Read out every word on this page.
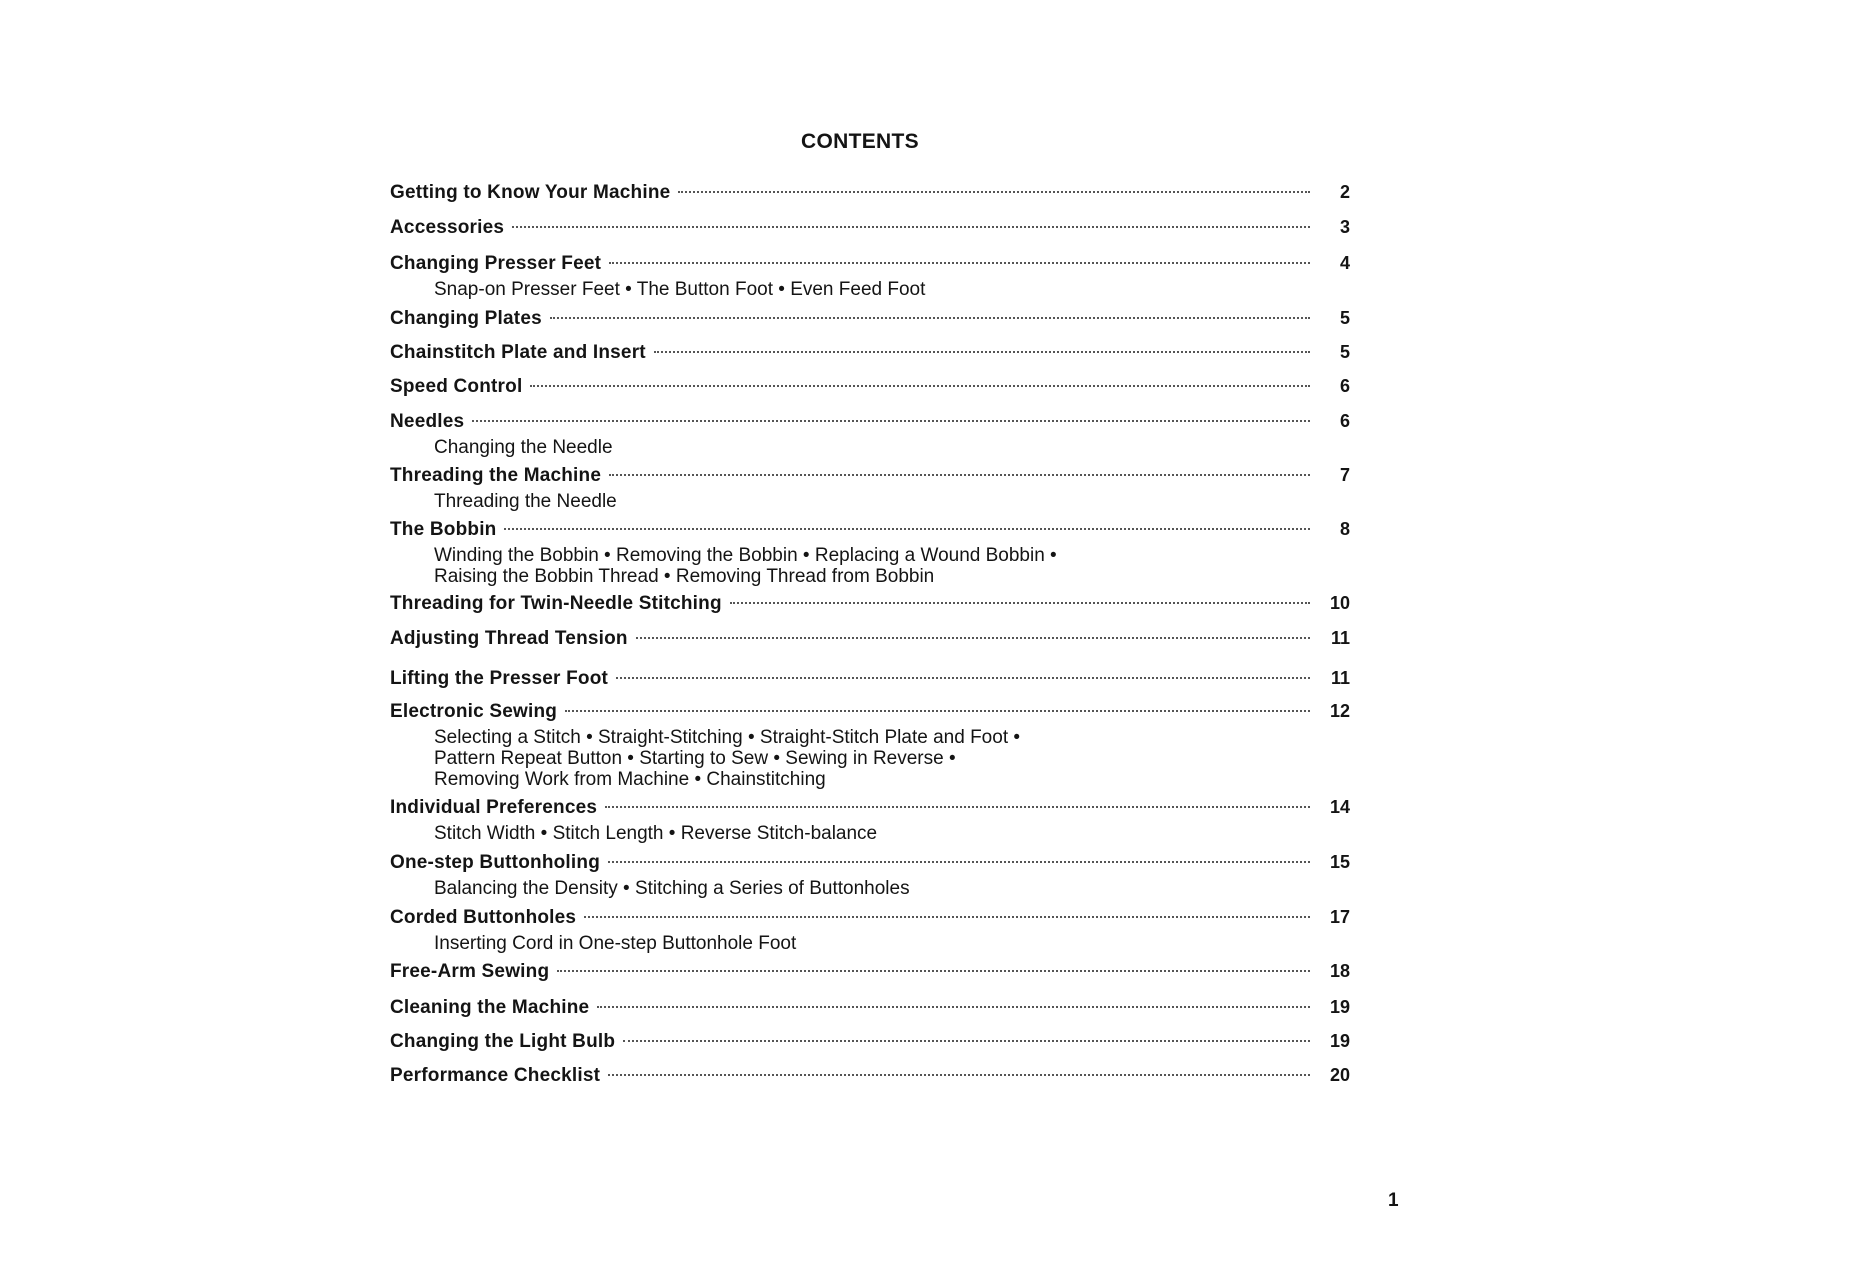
CONTENTS
Getting to Know Your Machine	2
Accessories	3
Changing Presser Feet	4
Snap-on Presser Feet • The Button Foot • Even Feed Foot
Changing Plates	5
Chainstitch Plate and Insert	5
Speed Control	6
Needles	6
Changing the Needle
Threading the Machine	7
Threading the Needle
The Bobbin	8
Winding the Bobbin • Removing the Bobbin • Replacing a Wound Bobbin •
Raising the Bobbin Thread • Removing Thread from Bobbin
Threading for Twin-Needle Stitching	10
Adjusting Thread Tension	11
Lifting the Presser Foot	11
Electronic Sewing	12
Selecting a Stitch • Straight-Stitching • Straight-Stitch Plate and Foot •
Pattern Repeat Button • Starting to Sew • Sewing in Reverse •
Removing Work from Machine • Chainstitching
Individual Preferences	14
Stitch Width • Stitch Length • Reverse Stitch-balance
One-step Buttonholing	15
Balancing the Density • Stitching a Series of Buttonholes
Corded Buttonholes	17
Inserting Cord in One-step Buttonhole Foot
Free-Arm Sewing	18
Cleaning the Machine	19
Changing the Light Bulb	19
Performance Checklist	20
1
